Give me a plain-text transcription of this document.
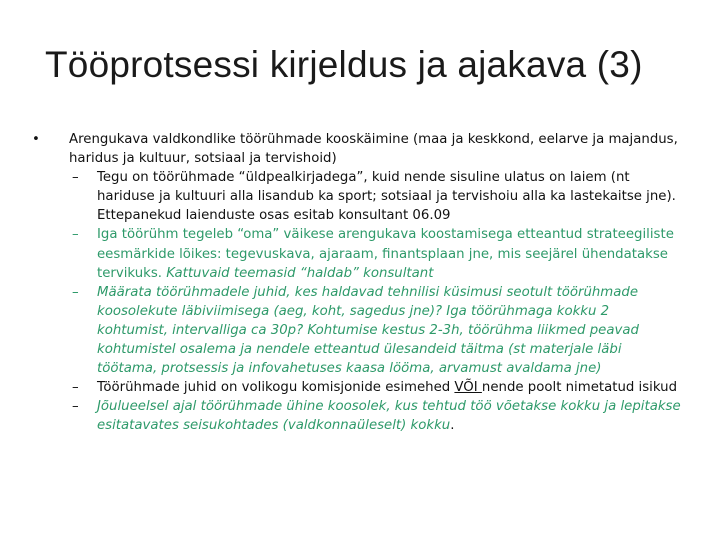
Tööprotsessi kirjeldus ja ajakava (3)
• Arengukava valdkondlike töörühmade kooskäimine (maa ja keskkond, eelarve ja majandus, haridus ja kultuur, sotsiaal ja tervishoid)
– Tegu on töörühmade “üldpealkirjadega”, kuid nende sisuline ulatus on laiem (nt hariduse ja kultuuri alla lisandub ka sport; sotsiaal ja tervishoiu alla ka lastekaitse jne). Ettepanekud laienduste osas esitab konsultant 06.09
– Iga töörühm tegeleb “oma” väikese arengukava koostamisega etteantud strateegiliste eesmärkide lõikes: tegevuskava, ajaraam, finantsplaan jne, mis seejärel ühendatakse tervikuks. Kattuvaid teemasid “haldab” konsultant
– Määrata töörühmadele juhid, kes haldavad tehnilisi küsimusi seotult töörühmade koosolekute läbiviimisega (aeg, koht, sagedus jne)? Iga töörühmaga kokku 2 kohtumist, intervalliga ca 30p? Kohtumise kestus 2-3h, töörühma liikmed peavad kohtumistel osalema ja nendele etteantud ülesandeid täitma (st materjale läbi töötama, protsessis ja infovahetuses kaasa lööma, arvamust avaldama jne)
– Töörühmade juhid on volikogu komisjonide esimehed VÕI nende poolt nimetatud isikud
– Jõulueelsel ajal töörühmade ühine koosolek, kus tehtud töö võetakse kokku ja lepitakse esitatavates seisukohtades (valdkonnaüleselt) kokku.
